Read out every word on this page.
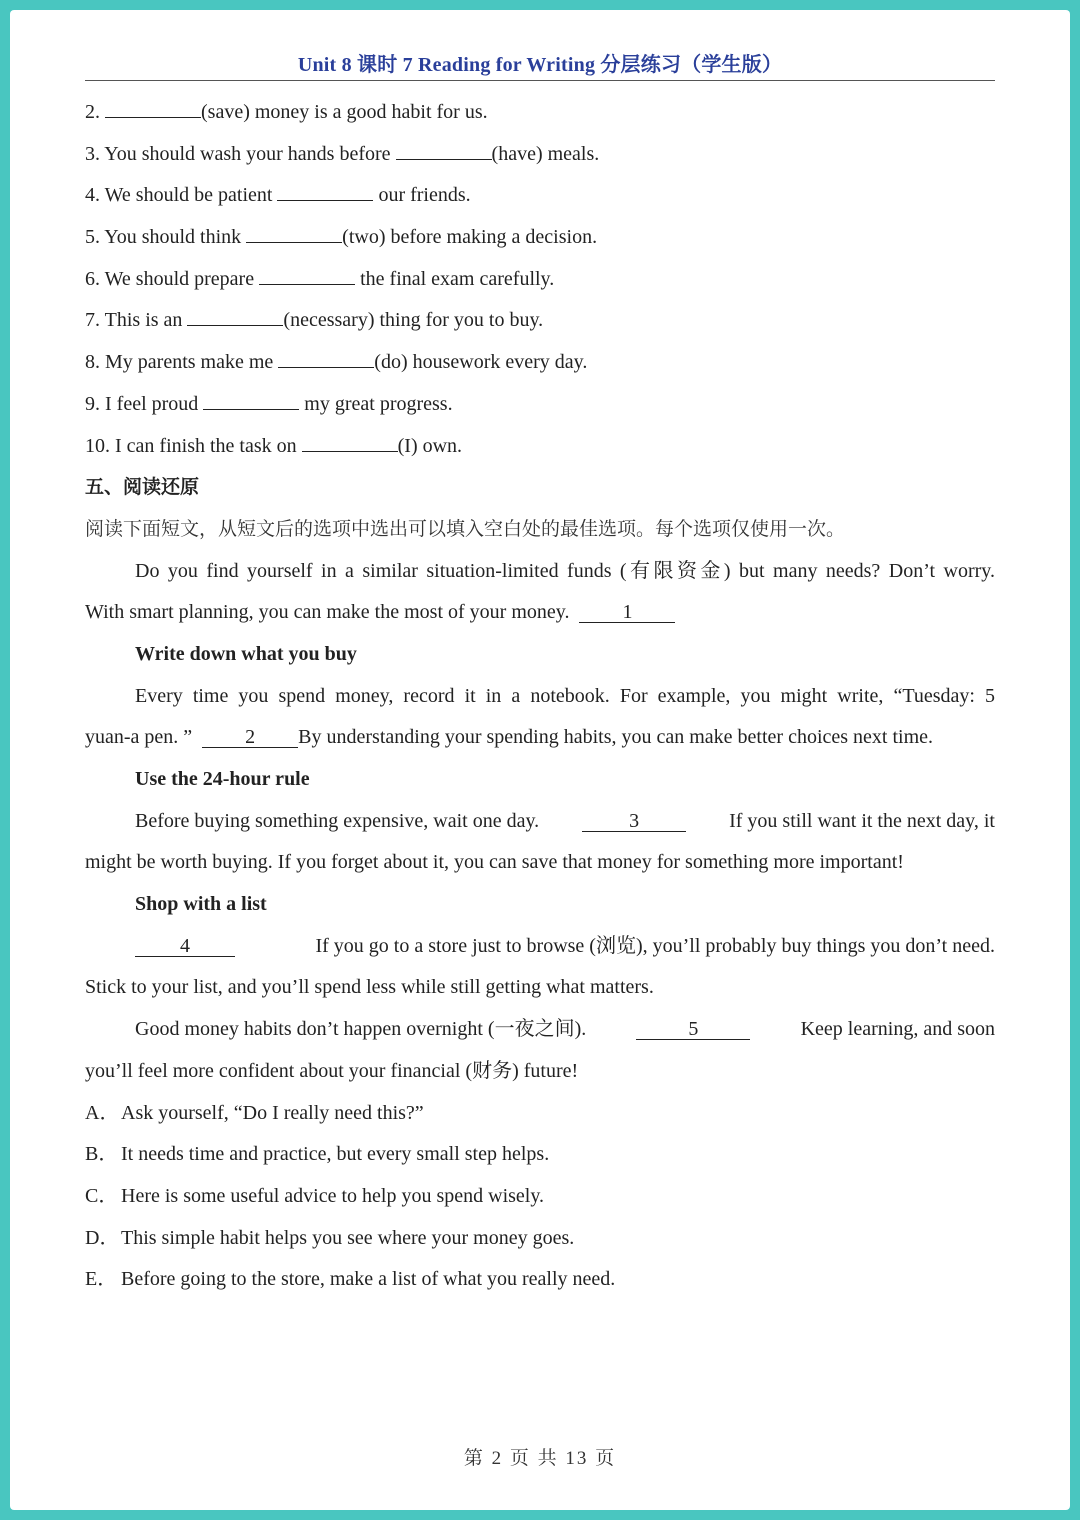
Unit 8 课时 7 Reading for Writing 分层练习（学生版）
2.	(save) money is a good habit for us.
3. You should wash your hands before	(have) meals.
4. We should be patient	our friends.
5. You should think	(two) before making a decision.
6. We should prepare	the final exam carefully.
7. This is an	(necessary) thing for you to buy.
8. My parents make me	(do) housework every day.
9. I feel proud	my great progress.
10. I can finish the task on	(I) own.
五、阅读还原
阅读下面短文，从短文后的选项中选出可以填入空白处的最佳选项。每个选项仅使用一次。
Do you find yourself in a similar situation-limited funds (有限资金) but many needs? Don’t worry.
With smart planning, you can make the most of your money.	1
Write down what you buy
Every time you spend money, record it in a notebook. For example, you might write, “Tuesday: 5
yuan-a pen. ”	2 By understanding your spending habits, you can make better choices next time.
Use the 24-hour rule
Before buying something expensive, wait one day.	3	If you still want it the next day, it
might be worth buying. If you forget about it, you can save that money for something more important!
Shop with a list
4	If you go to a store just to browse (浏览), you’ll probably buy things you don’t need.
Stick to your list, and you’ll spend less while still getting what matters.
Good money habits don’t happen overnight (一夜之间).	5	Keep learning, and soon
you’ll feel more confident about your financial (财务) future!
A．Ask yourself, “Do I really need this?”
B． It needs time and practice, but every small step helps.
C． Here is some useful advice to help you spend wisely.
D．This simple habit helps you see where your money goes.
E． Before going to the store, make a list of what you really need.
第 2 页 共 13 页
